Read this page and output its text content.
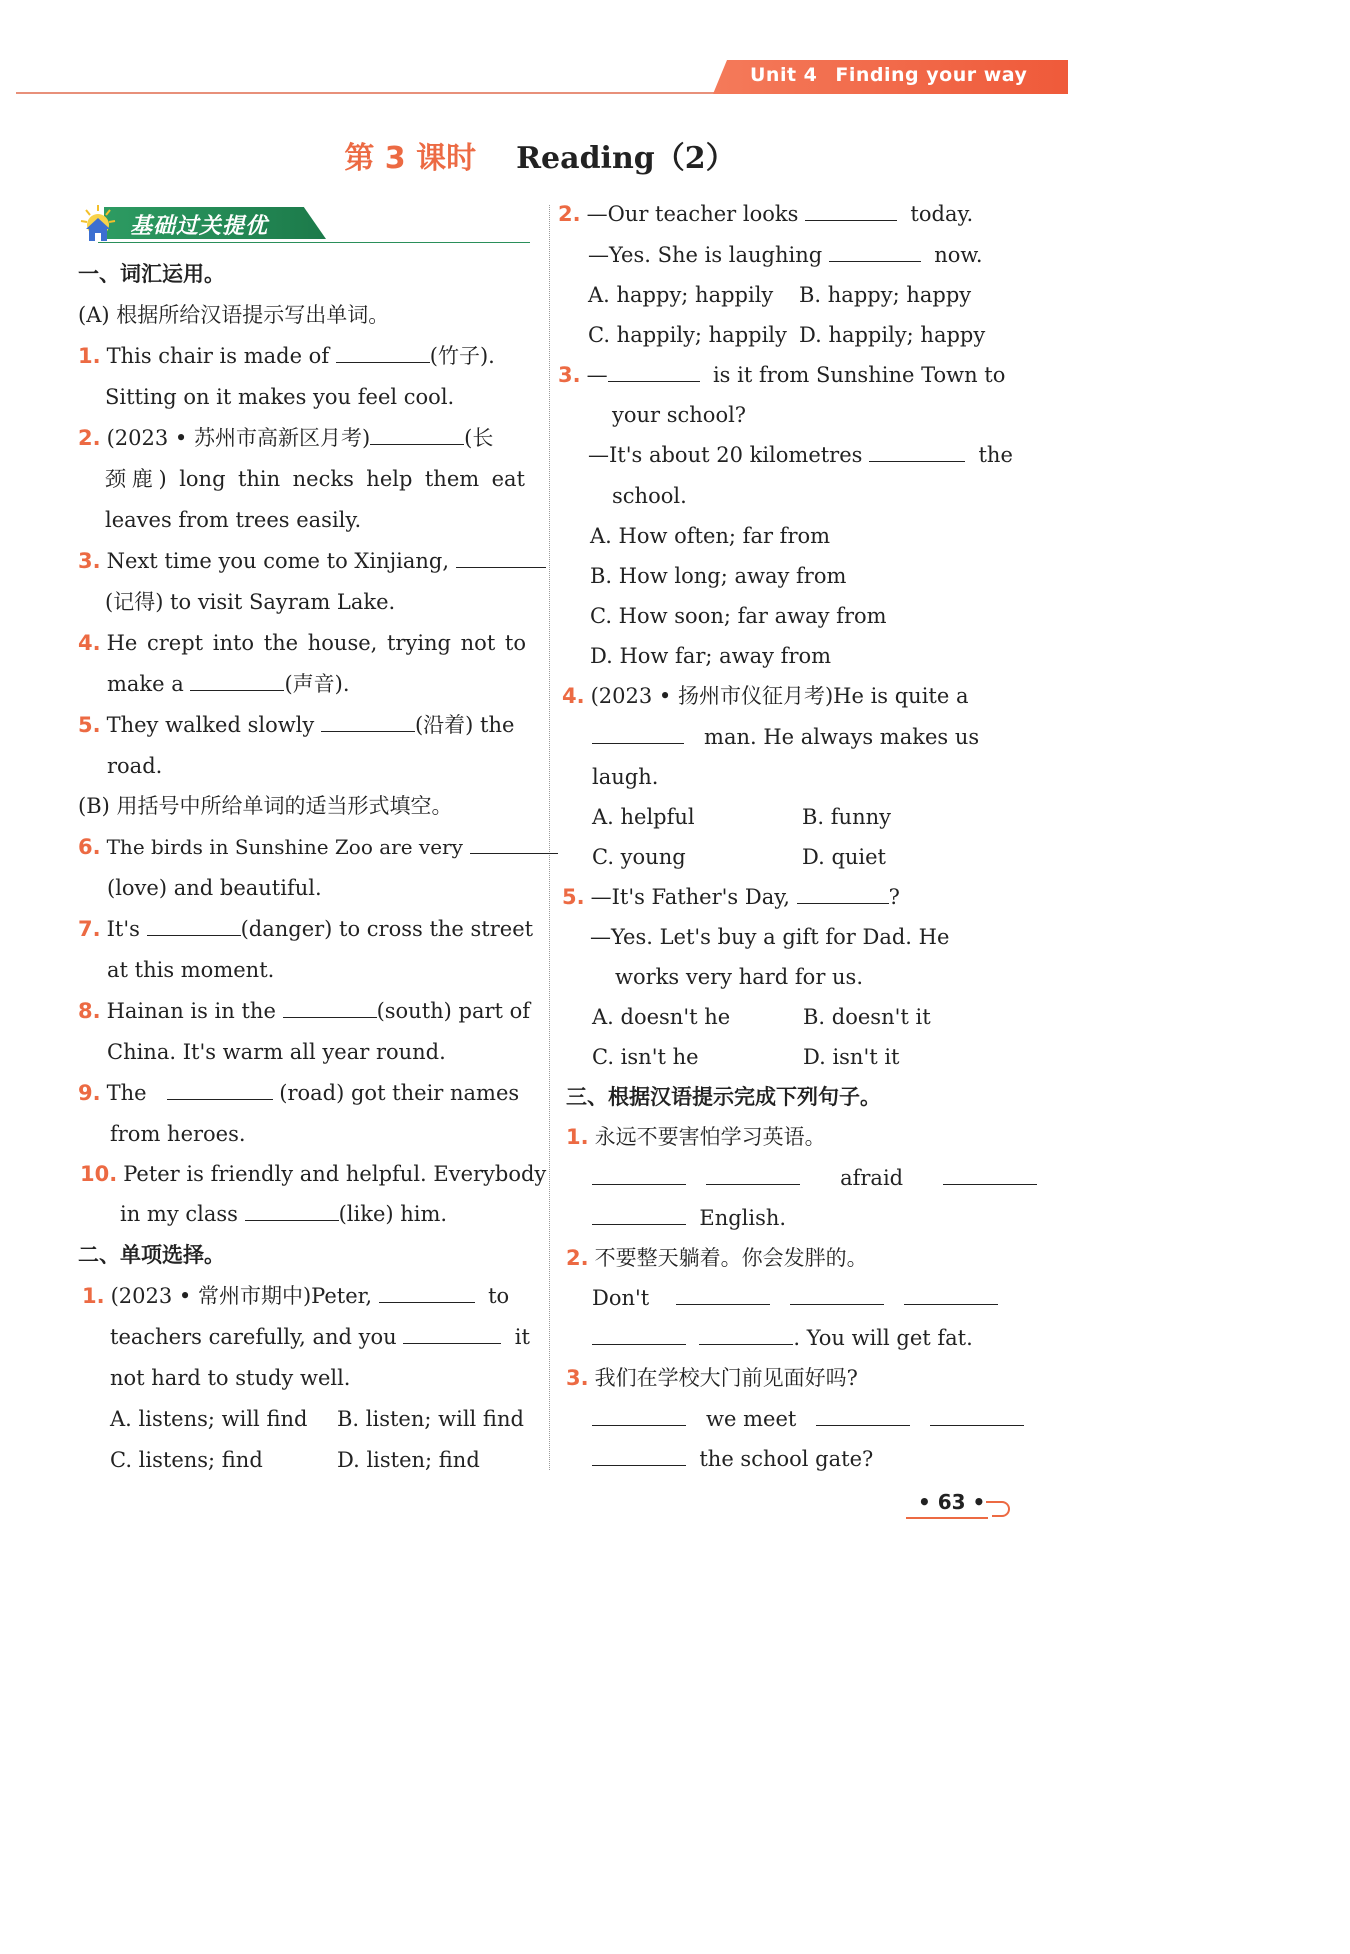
Unit 4 Finding your way
第 3 课时 Reading（2）
基础过关提优
一、词汇运用。
(A) 根据所给汉语提示写出单词。
1. This chair is made of	(竹子).
Sitting on it makes you feel cool.
2. (2023 • 苏州市高新区月考)	(长
颈鹿) long thin necks help them eat
leaves from trees easily.
3. Next time you come to Xinjiang,
(记得) to visit Sayram Lake.
4. He crept into the house, trying not to
make a	(声音).
5. They walked slowly	(沿着) the
road.
(B) 用括号中所给单词的适当形式填空。
6. The birds in Sunshine Zoo are very
(love) and beautiful.
7. It's	(danger) to cross the street
at this moment.
8. Hainan is in the	(south) part of
China. It's warm all year round.
9. The	(road) got their names
from heroes.
10. Peter is friendly and helpful. Everybody
in my class	(like) him.
二、单项选择。
1. (2023 • 常州市期中)Peter,	to
teachers carefully, and you	it
not hard to study well.
A. listens; will find B. listen; will find
C. listens; find	D. listen; find
2. —Our teacher looks	today.
—Yes. She is laughing	now.
A. happy; happily B. happy; happy
C. happily; happily D. happily; happy
3. —	is it from Sunshine Town to
your school?
—It's about 20 kilometres	the
school.
A. How often; far from
B. How long; away from
C. How soon; far away from
D. How far; away from
4. (2023 • 扬州市仪征月考)He is quite a
man. He always makes us
laugh.
A. helpful	B. funny
C. young	D. quiet
5. —It's Father's Day,	?
—Yes. Let's buy a gift for Dad. He
works very hard for us.
A. doesn't he	B. doesn't it
C. isn't he	D. isn't it
三、根据汉语提示完成下列句子。
1. 永远不要害怕学习英语。
afraid
English.
2. 不要整天躺着。你会发胖的。
Don't
. You will get fat.
3. 我们在学校大门前见面好吗?
we meet
the school gate?
• 63 •
